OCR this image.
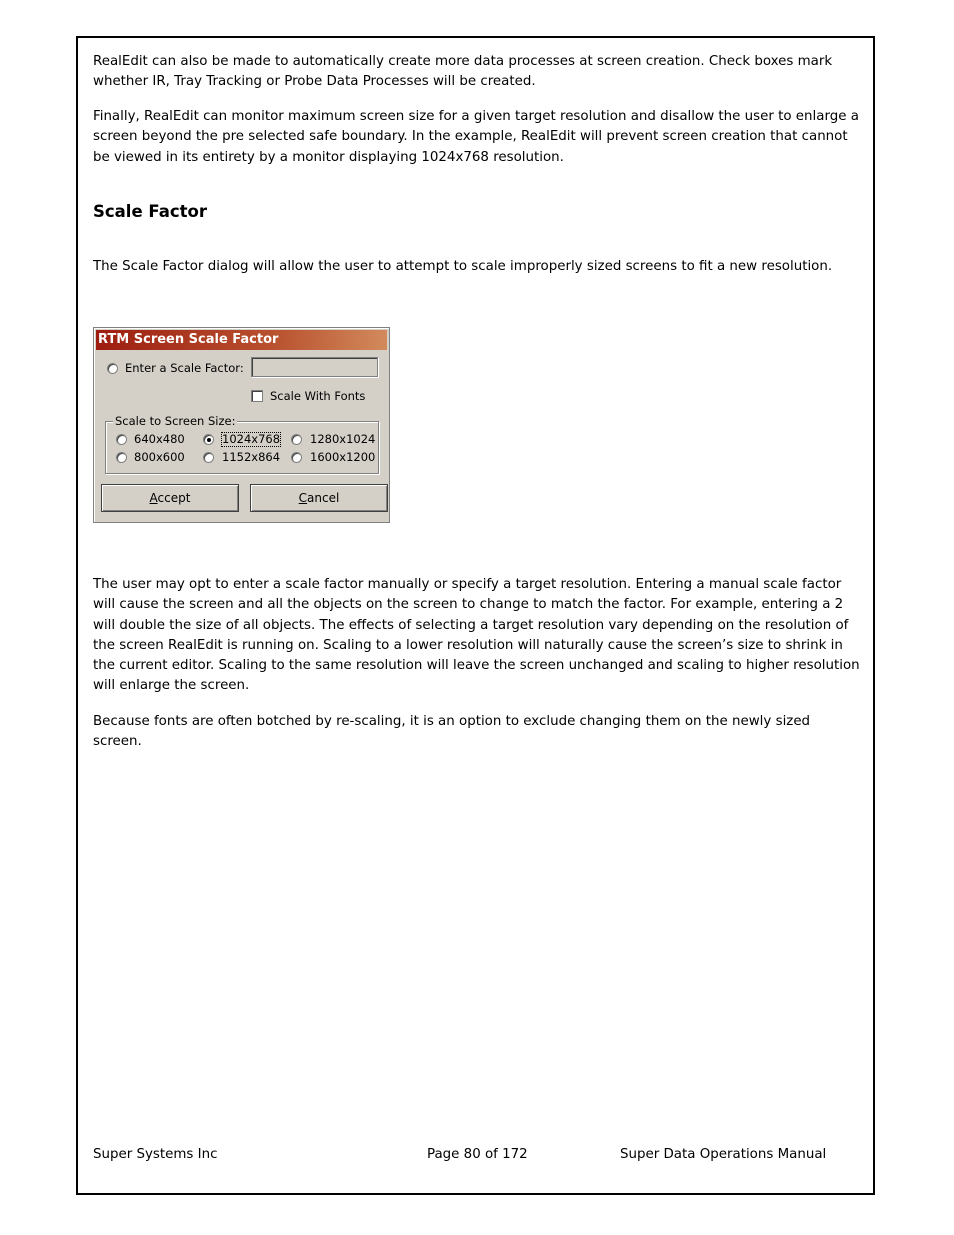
RealEdit can also be made to automatically create more data processes at screen creation. Check boxes mark whether IR, Tray Tracking or Probe Data Processes will be created.

Finally, RealEdit can monitor maximum screen size for a given target resolution and disallow the user to enlarge a screen beyond the pre selected safe boundary. In the example, RealEdit will prevent screen creation that cannot be viewed in its entirety by a monitor displaying 1024x768 resolution.

Scale Factor

The Scale Factor dialog will allow the user to attempt to scale improperly sized screens to fit a new resolution.

RTM Screen Scale Factor
Enter a Scale Factor:
Scale With Fonts
Scale to Screen Size:
640x480	1024x768	1280x1024
800x600	1152x864	1600x1200
Accept	Cancel

The user may opt to enter a scale factor manually or specify a target resolution. Entering a manual scale factor will cause the screen and all the objects on the screen to change to match the factor. For example, entering a 2 will double the size of all objects. The effects of selecting a target resolution vary depending on the resolution of the screen RealEdit is running on. Scaling to a lower resolution will naturally cause the screen’s size to shrink in the current editor. Scaling to the same resolution will leave the screen unchanged and scaling to higher resolution will enlarge the screen.

Because fonts are often botched by re-scaling, it is an option to exclude changing them on the newly sized screen.

Super Systems Inc	Page 80 of 172	Super Data Operations Manual
